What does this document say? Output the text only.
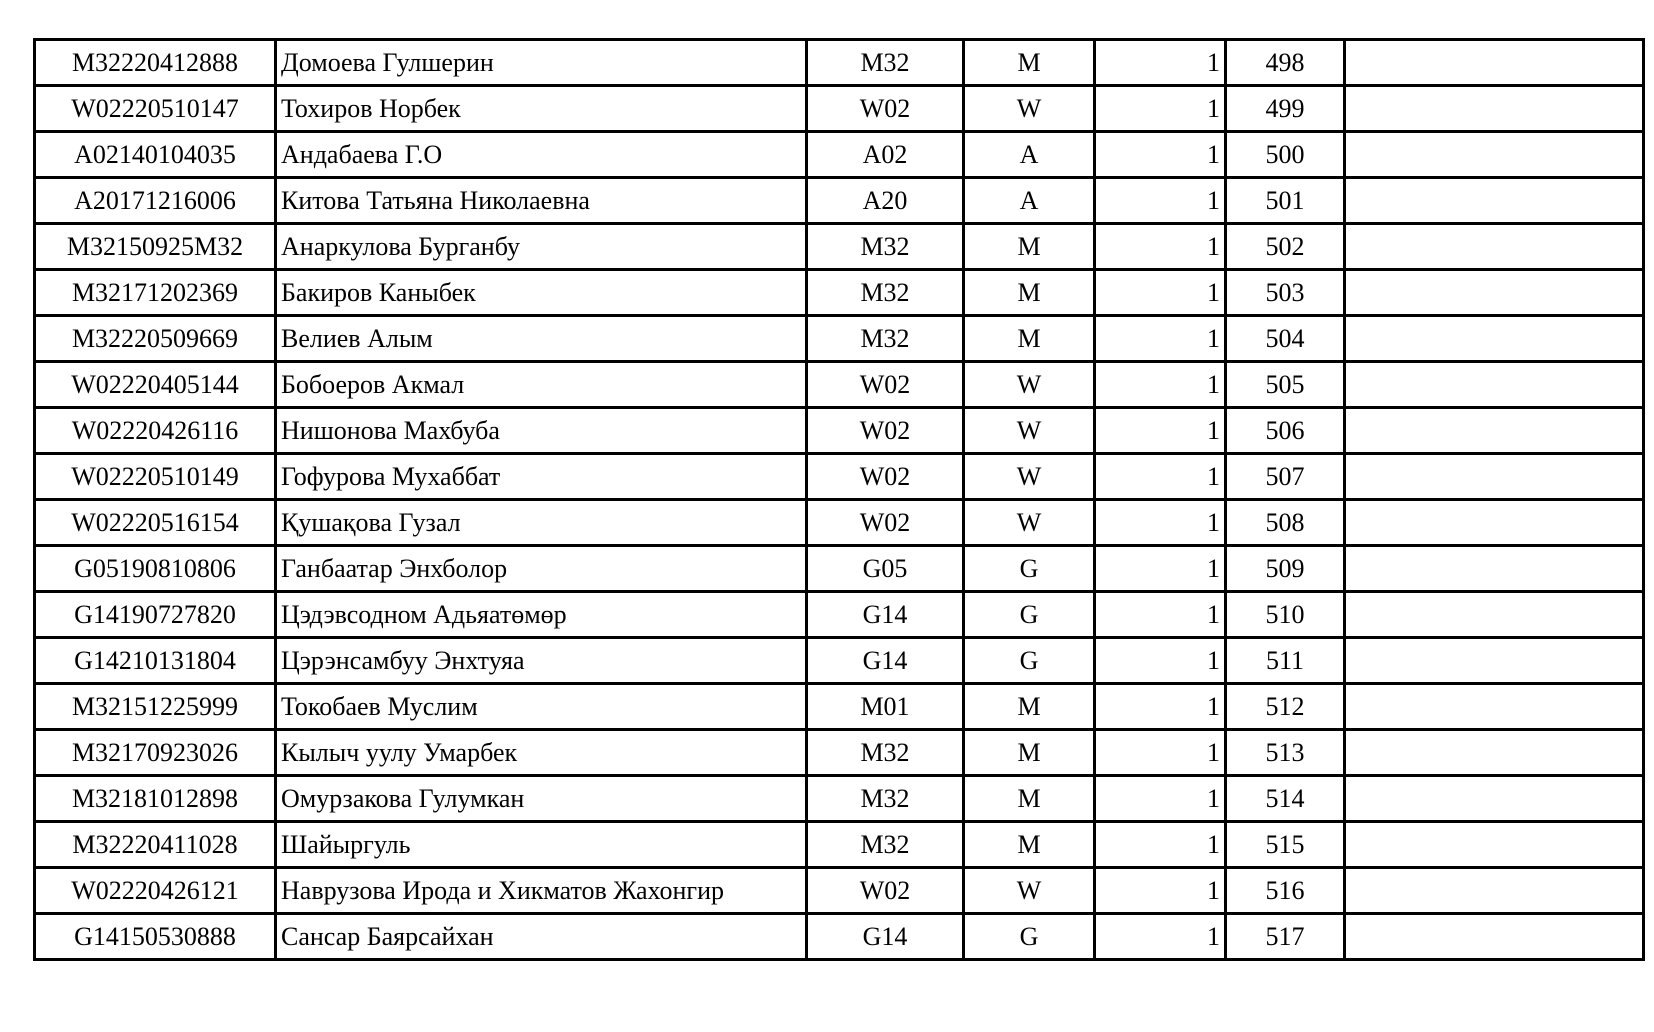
M32220412888	Домоева Гулшерин	M32	M	1	498	
W02220510147	Тохиров Норбек	W02	W	1	499	
A02140104035	Андабаева Г.О	A02	A	1	500	
A20171216006	Китова Татьяна Николаевна	A20	A	1	501	
M32150925M32	Анаркулова Бурганбу	M32	M	1	502	
M32171202369	Бакиров Каныбек	M32	M	1	503	
M32220509669	Велиев Алым	M32	M	1	504	
W02220405144	Бобоеров Акмал	W02	W	1	505	
W02220426116	Нишонова Махбуба	W02	W	1	506	
W02220510149	Гофурова Мухаббат	W02	W	1	507	
W02220516154	Қушақова Гузал	W02	W	1	508	
G05190810806	Ганбаатар Энхболор	G05	G	1	509	
G14190727820	Цэдэвсодном Адьяатөмөр	G14	G	1	510	
G14210131804	Цэрэнсамбуу Энхтуяа	G14	G	1	511	
M32151225999	Токобаев Муслим	M01	M	1	512	
M32170923026	Кылыч уулу Умарбек	M32	M	1	513	
M32181012898	Омурзакова Гулумкан	M32	M	1	514	
M32220411028	Шайыргуль	M32	M	1	515	
W02220426121	Наврузова Ирода и Хикматов Жахонгир	W02	W	1	516	
G14150530888	Сансар Баярсайхан	G14	G	1	517	
